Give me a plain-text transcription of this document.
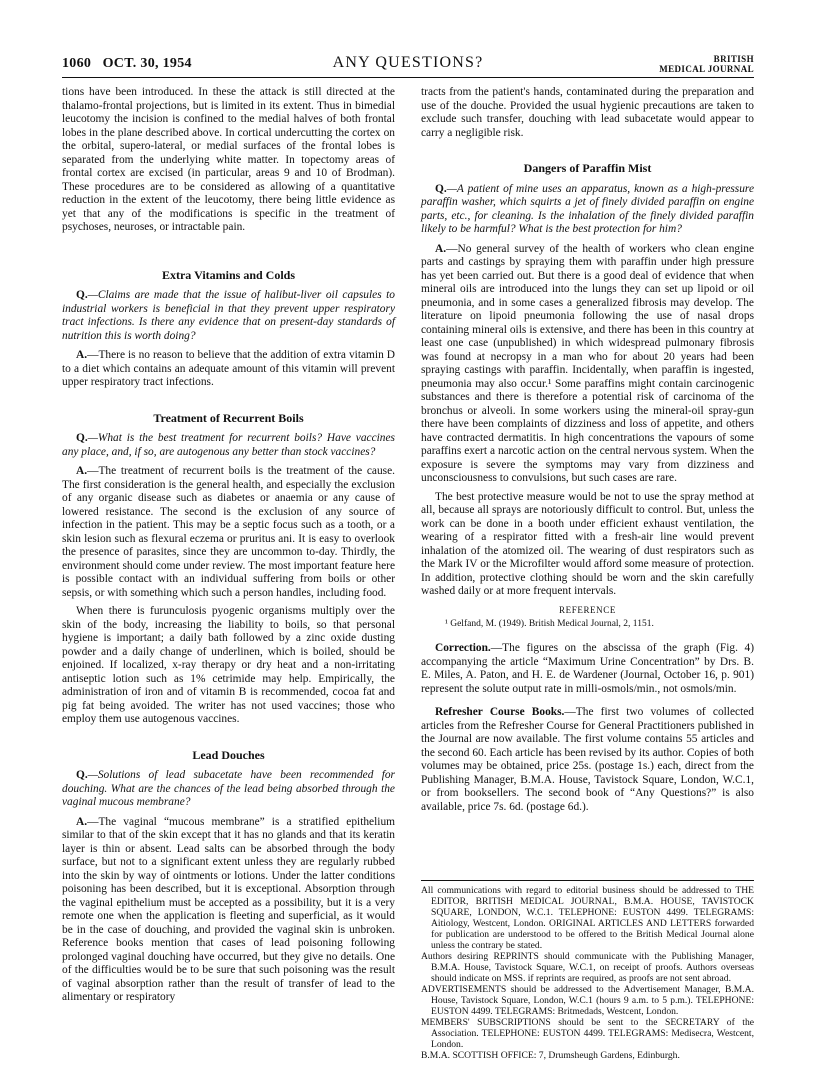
1060 OCT. 30, 1954	ANY QUESTIONS?	BRITISH
MEDICAL JOURNAL

tions have been introduced. In these the attack is still directed at the thalamo-frontal projections, but is limited in its extent. Thus in bimedial leucotomy the incision is confined to the medial halves of both frontal lobes in the plane described above. In cortical undercutting the cortex on the orbital, supero-lateral, or medial surfaces of the frontal lobes is separated from the underlying white matter. In topectomy areas of frontal cortex are excised (in particular, areas 9 and 10 of Brodman). These procedures are to be considered as allowing of a quantitative reduction in the extent of the leucotomy, there being little evidence as yet that any of the modifications is specific in the treatment of psychoses, neuroses, or intractable pain.

Extra Vitamins and Colds

Q.—Claims are made that the issue of halibut-liver oil capsules to industrial workers is beneficial in that they prevent upper respiratory tract infections. Is there any evidence that on present-day standards of nutrition this is worth doing?

A.—There is no reason to believe that the addition of extra vitamin D to a diet which contains an adequate amount of this vitamin will prevent upper respiratory tract infections.

Treatment of Recurrent Boils

Q.—What is the best treatment for recurrent boils? Have vaccines any place, and, if so, are autogenous any better than stock vaccines?

A.—The treatment of recurrent boils is the treatment of the cause. The first consideration is the general health, and especially the exclusion of any organic disease such as diabetes or anaemia or any cause of lowered resistance. The second is the exclusion of any source of infection in the patient. This may be a septic focus such as a tooth, or a skin lesion such as flexural eczema or pruritus ani. It is easy to overlook the presence of parasites, since they are uncommon to-day. Thirdly, the environment should come under review. The most important feature here is possible contact with an individual suffering from boils or other sepsis, or with something which such a person handles, including food.

When there is furunculosis pyogenic organisms multiply over the skin of the body, increasing the liability to boils, so that personal hygiene is important; a daily bath followed by a zinc oxide dusting powder and a daily change of underlinen, which is boiled, should be enjoined. If localized, x-ray therapy or dry heat and a non-irritating antiseptic lotion such as 1% cetrimide may help. Empirically, the administration of iron and of vitamin B is recommended, cocoa fat and pig fat being avoided. The writer has not used vaccines; those who employ them use autogenous vaccines.

Lead Douches

Q.—Solutions of lead subacetate have been recommended for douching. What are the chances of the lead being absorbed through the vaginal mucous membrane?

A.—The vaginal “mucous membrane” is a stratified epithelium similar to that of the skin except that it has no glands and that its keratin layer is thin or absent. Lead salts can be absorbed through the body surface, but not to a significant extent unless they are regularly rubbed into the skin by way of ointments or lotions. Under the latter conditions poisoning has been described, but it is exceptional. Absorption through the vaginal epithelium must be accepted as a possibility, but it is a very remote one when the application is fleeting and superficial, as it would be in the case of douching, and provided the vaginal skin is unbroken. Reference books mention that cases of lead poisoning following prolonged vaginal douching have occurred, but they give no details. One of the difficulties would be to be sure that such poisoning was the result of vaginal absorption rather than the result of transfer of lead to the alimentary or respiratory

tracts from the patient's hands, contaminated during the preparation and use of the douche. Provided the usual hygienic precautions are taken to exclude such transfer, douching with lead subacetate would appear to carry a negligible risk.

Dangers of Paraffin Mist

Q.—A patient of mine uses an apparatus, known as a high-pressure paraffin washer, which squirts a jet of finely divided paraffin on engine parts, etc., for cleaning. Is the inhalation of the finely divided paraffin likely to be harmful? What is the best protection for him?

A.—No general survey of the health of workers who clean engine parts and castings by spraying them with paraffin under high pressure has yet been carried out. But there is a good deal of evidence that when mineral oils are introduced into the lungs they can set up lipoid or oil pneumonia, and in some cases a generalized fibrosis may develop. The literature on lipoid pneumonia following the use of nasal drops containing mineral oils is extensive, and there has been in this country at least one case (unpublished) in which widespread pulmonary fibrosis was found at necropsy in a man who for about 20 years had been spraying castings with paraffin. Incidentally, when paraffin is ingested, pneumonia may also occur.¹ Some paraffins might contain carcinogenic substances and there is therefore a potential risk of carcinoma of the bronchus or alveoli. In some workers using the mineral-oil spray-gun there have been complaints of dizziness and loss of appetite, and others have contracted dermatitis. In high concentrations the vapours of some paraffins exert a narcotic action on the central nervous system. When the exposure is severe the symptoms may vary from dizziness and unconsciousness to convulsions, but such cases are rare.

The best protective measure would be not to use the spray method at all, because all sprays are notoriously difficult to control. But, unless the work can be done in a booth under efficient exhaust ventilation, the wearing of a respirator fitted with a fresh-air line would prevent inhalation of the atomized oil. The wearing of dust respirators such as the Mark IV or the Microfilter would afford some measure of protection. In addition, protective clothing should be worn and the skin carefully washed daily or at more frequent intervals.

REFERENCE

¹ Gelfand, M. (1949). British Medical Journal, 2, 1151.

Correction.—The figures on the abscissa of the graph (Fig. 4) accompanying the article “Maximum Urine Concentration” by Drs. B. E. Miles, A. Paton, and H. E. de Wardener (Journal, October 16, p. 901) represent the solute output rate in milli-osmols/min., not osmols/min.

Refresher Course Books.—The first two volumes of collected articles from the Refresher Course for General Practitioners published in the Journal are now available. The first volume contains 55 articles and the second 60. Each article has been revised by its author. Copies of both volumes may be obtained, price 25s. (postage 1s.) each, direct from the Publishing Manager, B.M.A. House, Tavistock Square, London, W.C.1, or from booksellers. The second book of “Any Questions?” is also available, price 7s. 6d. (postage 6d.).

All communications with regard to editorial business should be addressed to THE EDITOR, BRITISH MEDICAL JOURNAL, B.M.A. HOUSE, TAVISTOCK SQUARE, LONDON, W.C.1. TELEPHONE: EUSTON 4499. TELEGRAMS: Aitiology, Westcent, London. ORIGINAL ARTICLES AND LETTERS forwarded for publication are understood to be offered to the British Medical Journal alone unless the contrary be stated.

Authors desiring REPRINTS should communicate with the Publishing Manager, B.M.A. House, Tavistock Square, W.C.1, on receipt of proofs. Authors overseas should indicate on MSS. if reprints are required, as proofs are not sent abroad.

ADVERTISEMENTS should be addressed to the Advertisement Manager, B.M.A. House, Tavistock Square, London, W.C.1 (hours 9 a.m. to 5 p.m.). TELEPHONE: EUSTON 4499. TELEGRAMS: Britmedads, Westcent, London.

MEMBERS' SUBSCRIPTIONS should be sent to the SECRETARY of the Association. TELEPHONE: EUSTON 4499. TELEGRAMS: Medisecra, Westcent, London.

B.M.A. SCOTTISH OFFICE: 7, Drumsheugh Gardens, Edinburgh.
